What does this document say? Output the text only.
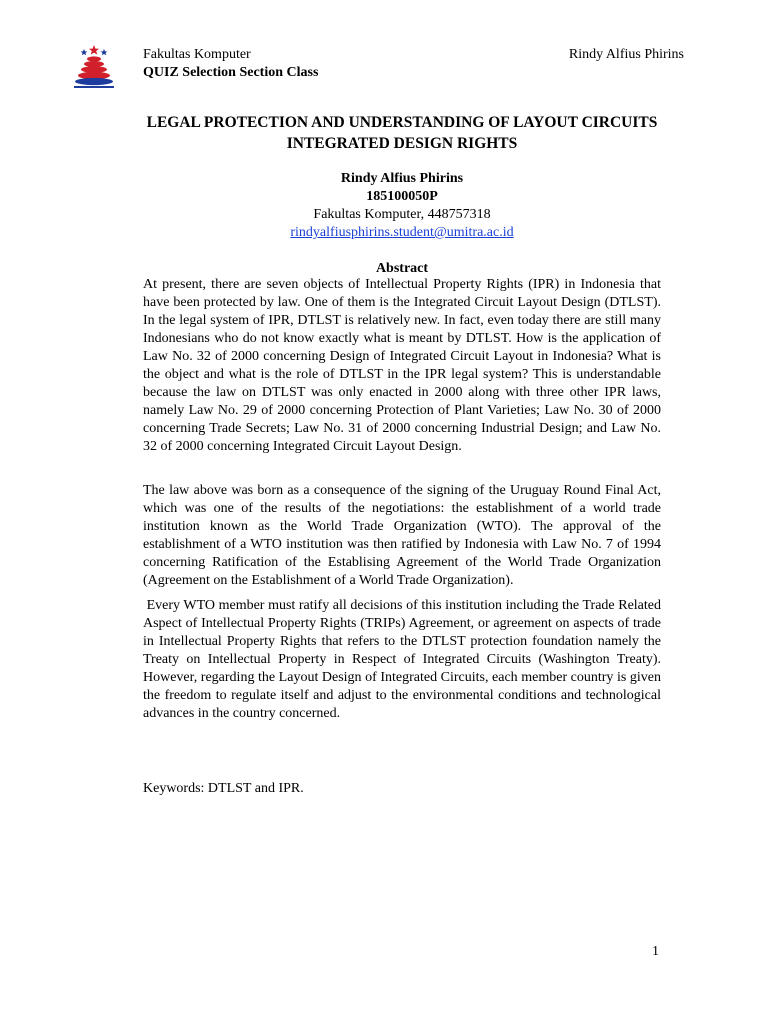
Fakultas Komputer
QUIZ Selection Section Class
Rindy Alfius Phirins
LEGAL PROTECTION AND UNDERSTANDING OF LAYOUT CIRCUITS INTEGRATED DESIGN RIGHTS
Rindy Alfius Phirins
185100050P
Fakultas Komputer, 448757318
rindyalfiusphirins.student@umitra.ac.id
Abstract

At present, there are seven objects of Intellectual Property Rights (IPR) in Indonesia that have been protected by law. One of them is the Integrated Circuit Layout Design (DTLST). In the legal system of IPR, DTLST is relatively new. In fact, even today there are still many Indonesians who do not know exactly what is meant by DTLST. How is the application of Law No. 32 of 2000 concerning Design of Integrated Circuit Layout in Indonesia? What is the object and what is the role of DTLST in the IPR legal system? This is understandable because the law on DTLST was only enacted in 2000 along with three other IPR laws, namely Law No. 29 of 2000 concerning Protection of Plant Varieties; Law No. 30 of 2000 concerning Trade Secrets; Law No. 31 of 2000 concerning Industrial Design; and Law No. 32 of 2000 concerning Integrated Circuit Layout Design.

The law above was born as a consequence of the signing of the Uruguay Round Final Act, which was one of the results of the negotiations: the establishment of a world trade institution known as the World Trade Organization (WTO). The approval of the establishment of a WTO institution was then ratified by Indonesia with Law No. 7 of 1994 concerning Ratification of the Establising Agreement of the World Trade Organization (Agreement on the Establishment of a World Trade Organization).

Every WTO member must ratify all decisions of this institution including the Trade Related Aspect of Intellectual Property Rights (TRIPs) Agreement, or agreement on aspects of trade in Intellectual Property Rights that refers to the DTLST protection foundation namely the Treaty on Intellectual Property in Respect of Integrated Circuits (Washington Treaty). However, regarding the Layout Design of Integrated Circuits, each member country is given the freedom to regulate itself and adjust to the environmental conditions and technological advances in the country concerned.

Keywords: DTLST and IPR.
1
